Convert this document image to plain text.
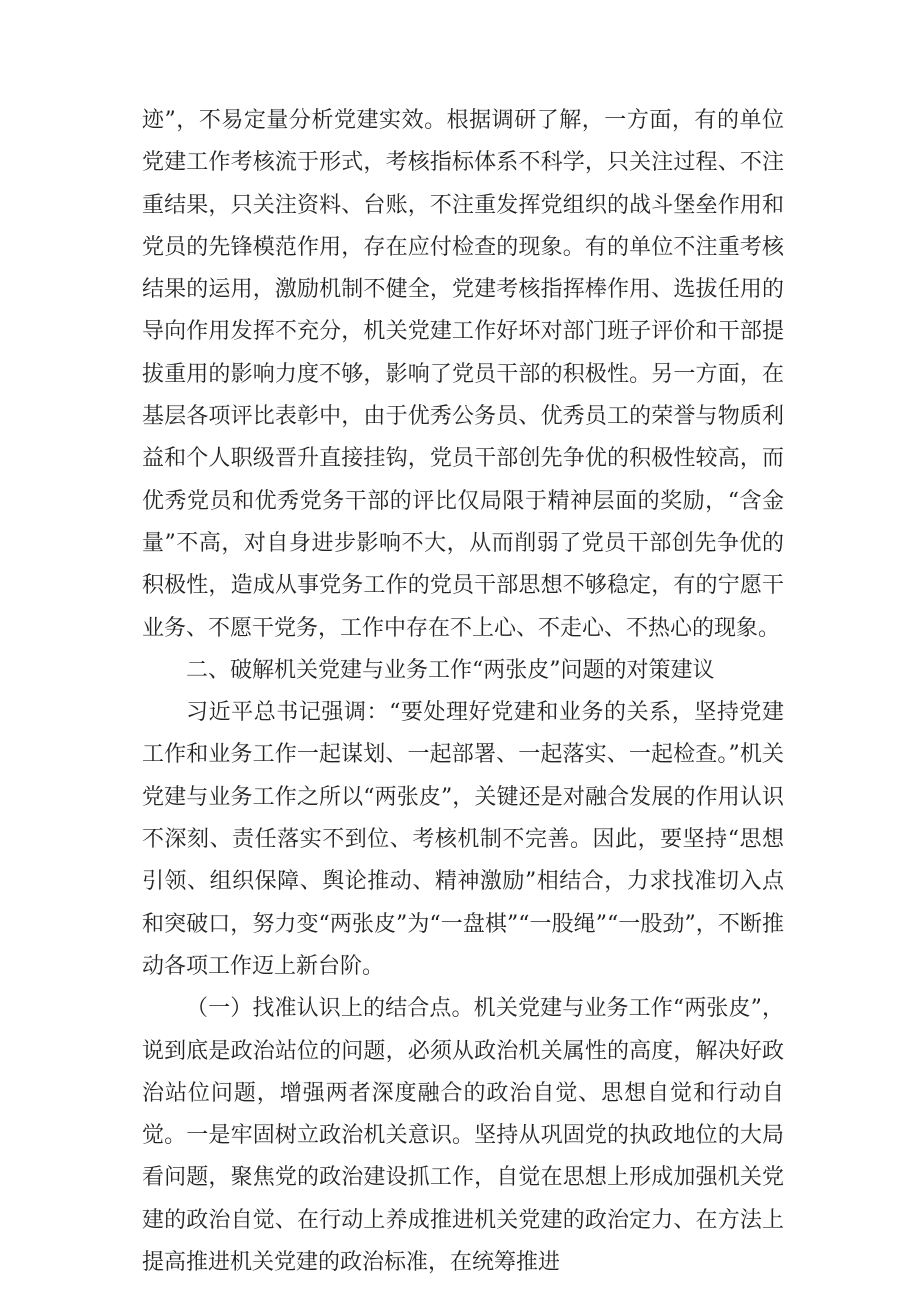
迹”，不易定量分析党建实效。根据调研了解，一方面，有的单位党建工作考核流于形式，考核指标体系不科学，只关注过程、不注重结果，只关注资料、台账，不注重发挥党组织的战斗堡垒作用和党员的先锋模范作用，存在应付检查的现象。有的单位不注重考核结果的运用，激励机制不健全，党建考核指挥棒作用、选拔任用的导向作用发挥不充分，机关党建工作好坏对部门班子评价和干部提拔重用的影响力度不够，影响了党员干部的积极性。另一方面，在基层各项评比表彰中，由于优秀公务员、优秀员工的荣誉与物质利益和个人职级晋升直接挂钩，党员干部创先争优的积极性较高，而优秀党员和优秀党务干部的评比仅局限于精神层面的奖励，“含金量”不高，对自身进步影响不大，从而削弱了党员干部创先争优的积极性，造成从事党务工作的党员干部思想不够稳定，有的宁愿干业务、不愿干党务，工作中存在不上心、不走心、不热心的现象。

二、破解机关党建与业务工作“两张皮”问题的对策建议

习近平总书记强调：“要处理好党建和业务的关系，坚持党建工作和业务工作一起谋划、一起部署、一起落实、一起检查。”机关党建与业务工作之所以“两张皮”，关键还是对融合发展的作用认识不深刻、责任落实不到位、考核机制不完善。因此，要坚持“思想引领、组织保障、舆论推动、精神激励”相结合，力求找准切入点和突破口，努力变“两张皮”为“一盘棋”“一股绳”“一股劲”，不断推动各项工作迈上新台阶。

（一）找准认识上的结合点。机关党建与业务工作“两张皮”，说到底是政治站位的问题，必须从政治机关属性的高度，解决好政治站位问题，增强两者深度融合的政治自觉、思想自觉和行动自觉。一是牢固树立政治机关意识。坚持从巩固党的执政地位的大局看问题，聚焦党的政治建设抓工作，自觉在思想上形成加强机关党建的政治自觉、在行动上养成推进机关党建的政治定力、在方法上提高推进机关党建的政治标准，在统筹推进
